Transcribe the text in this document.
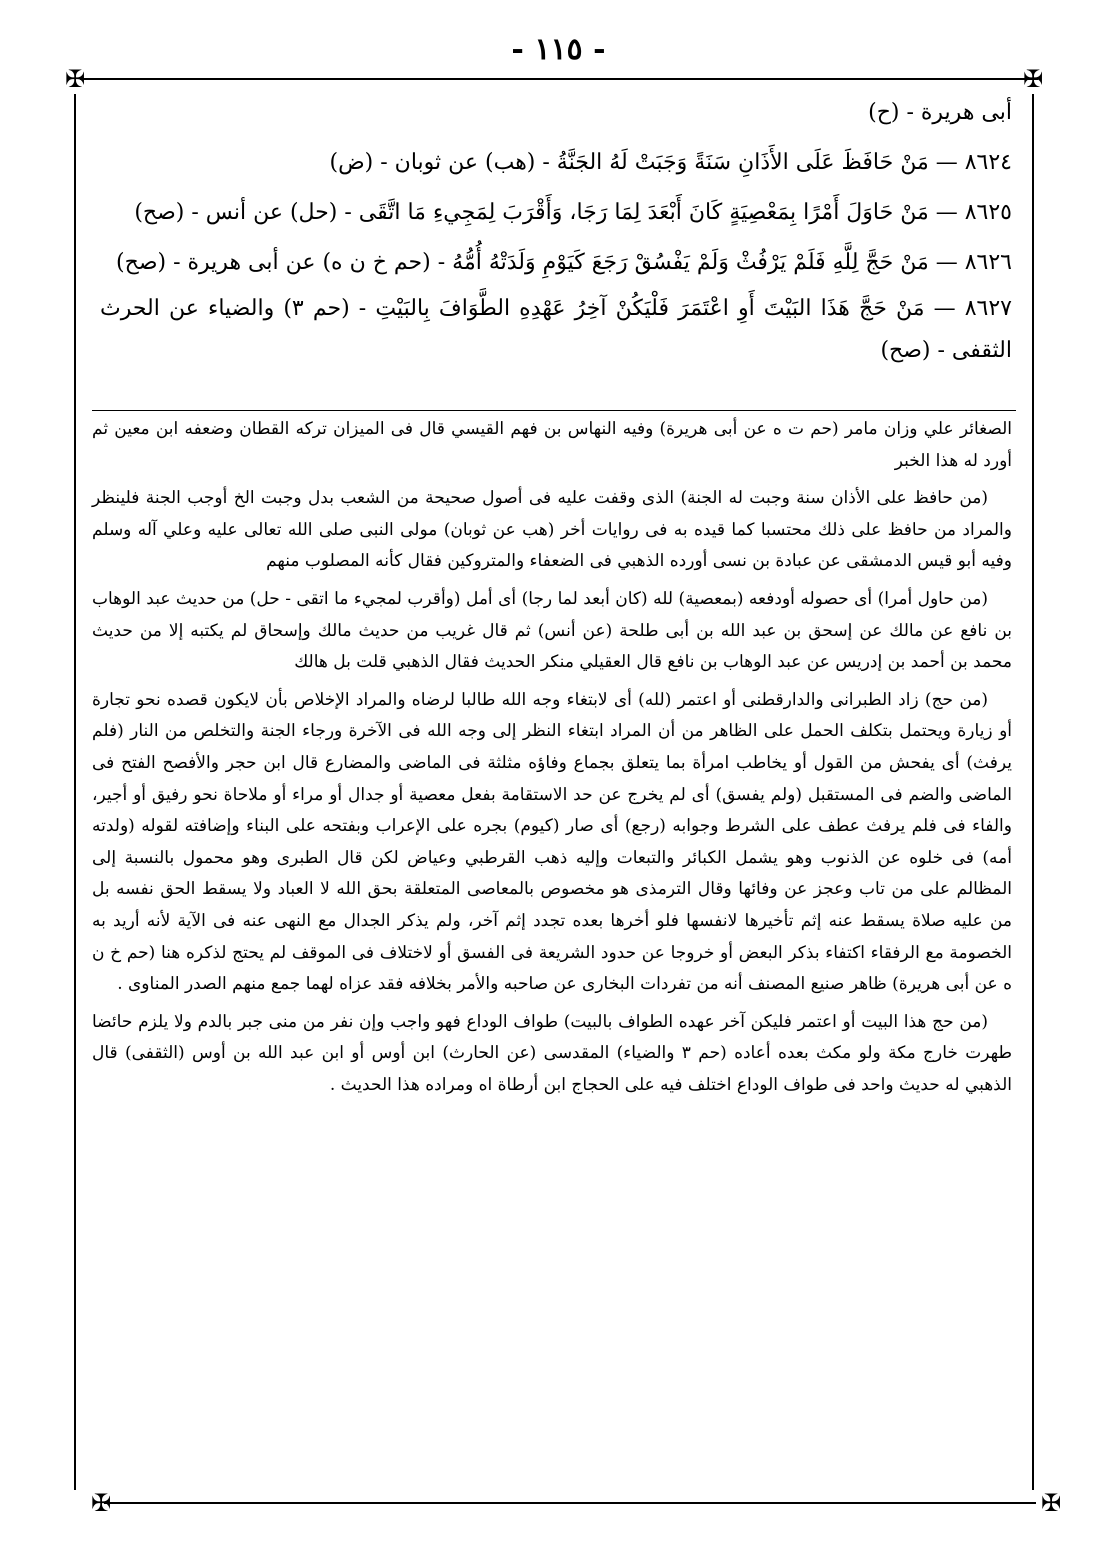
- ١١٥ -
✠	✠
✠	✠
أبى هريرة - (ح)
٨٦٢٤ — مَنْ حَافَظَ عَلَى الأَذَانِ سَنَةً وَجَبَتْ لَهُ الجَنَّةُ - (هب) عن ثوبان - (ض)
٨٦٢٥ — مَنْ حَاوَلَ أَمْرًا بِمَعْصِيَةٍ كَانَ أَبْعَدَ لِمَا رَجَا، وَأَقْرَبَ لِمَجِيءِ مَا اتَّقَى - (حل) عن أنس - (صح)
٨٦٢٦ — مَنْ حَجَّ لِلَّهِ فَلَمْ يَرْفُثْ وَلَمْ يَفْسُقْ رَجَعَ كَيَوْمِ وَلَدَتْهُ أُمُّهُ - (حم خ ن ه) عن أبى هريرة - (صح)
٨٦٢٧ — مَنْ حَجَّ هَذَا البَيْتَ أَوِ اعْتَمَرَ فَلْيَكُنْ آخِرُ عَهْدِهِ الطَّوَافَ بِالبَيْتِ - (حم ٣) والضياء عن الحرث الثقفى - (صح)

الصغائر علي وزان مامر (حم ت ه عن أبى هريرة) وفيه النهاس بن فهم القيسي قال فى الميزان تركه القطان وضعفه ابن معين ثم أورد له هذا الخبر

(من حافظ على الأذان سنة وجبت له الجنة) الذى وقفت عليه فى أصول صحيحة من الشعب بدل وجبت الخ أوجب الجنة فلينظر والمراد من حافظ على ذلك محتسبا كما قيده به فى روايات أخر (هب عن ثوبان) مولى النبى صلى الله تعالى عليه وعلي آله وسلم وفيه أبو قيس الدمشقى عن عبادة بن نسى أورده الذهبي فى الضعفاء والمتروكين فقال كأنه المصلوب منهم

(من حاول أمرا) أى حصوله أودفعه (بمعصية) لله (كان أبعد لما رجا) أى أمل (وأقرب لمجيء ما اتقى - حل) من حديث عبد الوهاب بن نافع عن مالك عن إسحق بن عبد الله بن أبى طلحة (عن أنس) ثم قال غريب من حديث مالك وإسحاق لم يكتبه إلا من حديث محمد بن أحمد بن إدريس عن عبد الوهاب بن نافع قال العقيلي منكر الحديث فقال الذهبي قلت بل هالك

(من حج) زاد الطبرانى والدارقطنى أو اعتمر (لله) أى لابتغاء وجه الله طالبا لرضاه والمراد الإخلاص بأن لايكون قصده نحو تجارة أو زيارة ويحتمل بتكلف الحمل على الظاهر من أن المراد ابتغاء النظر إلى وجه الله فى الآخرة ورجاء الجنة والتخلص من النار (فلم يرفث) أى يفحش من القول أو يخاطب امرأة بما يتعلق بجماع وفاؤه مثلثة فى الماضى والمضارع قال ابن حجر والأفصح الفتح فى الماضى والضم فى المستقبل (ولم يفسق) أى لم يخرج عن حد الاستقامة بفعل معصية أو جدال أو مراء أو ملاحاة نحو رفيق أو أجير، والفاء فى فلم يرفث عطف على الشرط وجوابه (رجع) أى صار (كيوم) بجره على الإعراب وبفتحه على البناء وإضافته لقوله (ولدته أمه) فى خلوه عن الذنوب وهو يشمل الكبائر والتبعات وإليه ذهب القرطبي وعياض لكن قال الطبرى وهو محمول بالنسبة إلى المظالم على من تاب وعجز عن وفائها وقال الترمذى هو مخصوص بالمعاصى المتعلقة بحق الله لا العباد ولا يسقط الحق نفسه بل من عليه صلاة يسقط عنه إثم تأخيرها لانفسها فلو أخرها بعده تجدد إثم آخر، ولم يذكر الجدال مع النهى عنه فى الآية لأنه أريد به الخصومة مع الرفقاء اكتفاء بذكر البعض أو خروجا عن حدود الشريعة فى الفسق أو لاختلاف فى الموقف لم يحتج لذكره هنا (حم خ ن ه عن أبى هريرة) ظاهر صنيع المصنف أنه من تفردات البخارى عن صاحبه والأمر بخلافه فقد عزاه لهما جمع منهم الصدر المناوى .

(من حج هذا البيت أو اعتمر فليكن آخر عهده الطواف بالبيت) طواف الوداع فهو واجب وإن نفر من منى جبر بالدم ولا يلزم حائضا طهرت خارج مكة ولو مكث بعده أعاده (حم ٣ والضياء) المقدسى (عن الحارث) ابن أوس أو ابن عبد الله بن أوس (الثقفى) قال الذهبي له حديث واحد فى طواف الوداع اختلف فيه على الحجاج ابن أرطاة اه ومراده هذا الحديث .
